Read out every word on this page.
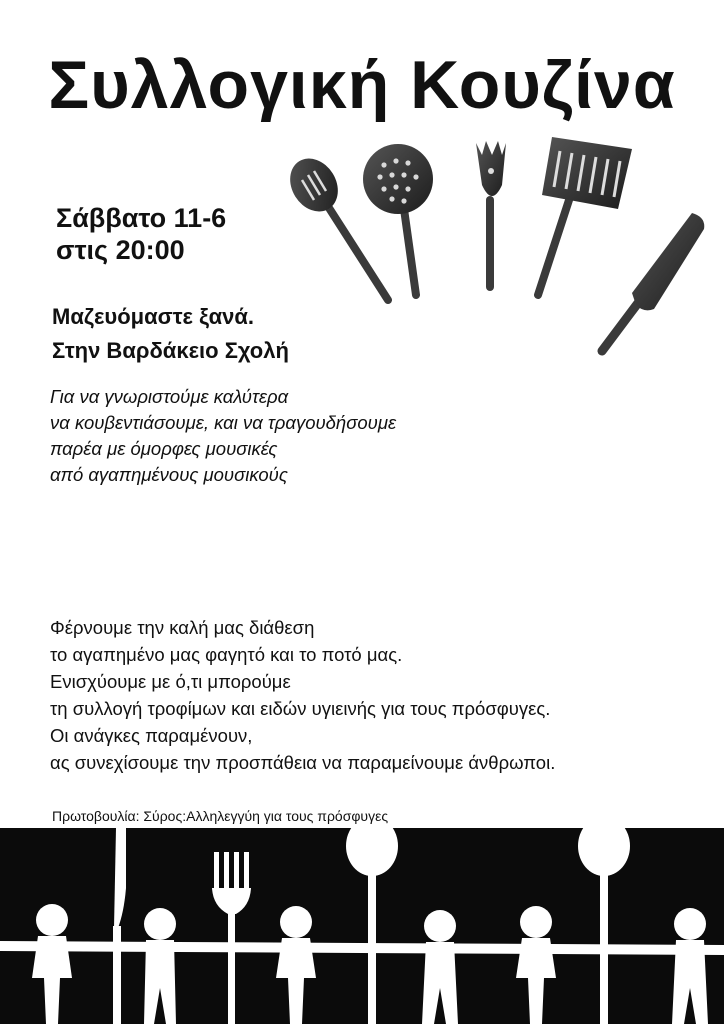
Συλλογική Κουζίνα
Σάββατο 11-6
στις 20:00
Μαζευόμαστε ξανά.
Στην Βαρδάκειο Σχολή
Για να γνωριστούμε καλύτερα
να κουβεντιάσουμε, και να τραγουδήσουμε
παρέα με όμορφες μουσικές
από αγαπημένους μουσικούς
Φέρνουμε την καλή μας διάθεση
το αγαπημένο μας φαγητό και το ποτό μας.
Ενισχύουμε με ό,τι μπορούμε
τη συλλογή τροφίμων και ειδών υγιεινής για τους πρόσφυγες.
Οι ανάγκες παραμένουν,
ας συνεχίσουμε την προσπάθεια να παραμείνουμε άνθρωποι.
Πρωτοβουλία: Σύρος:Αλληλεγγύη για τους πρόσφυγες
